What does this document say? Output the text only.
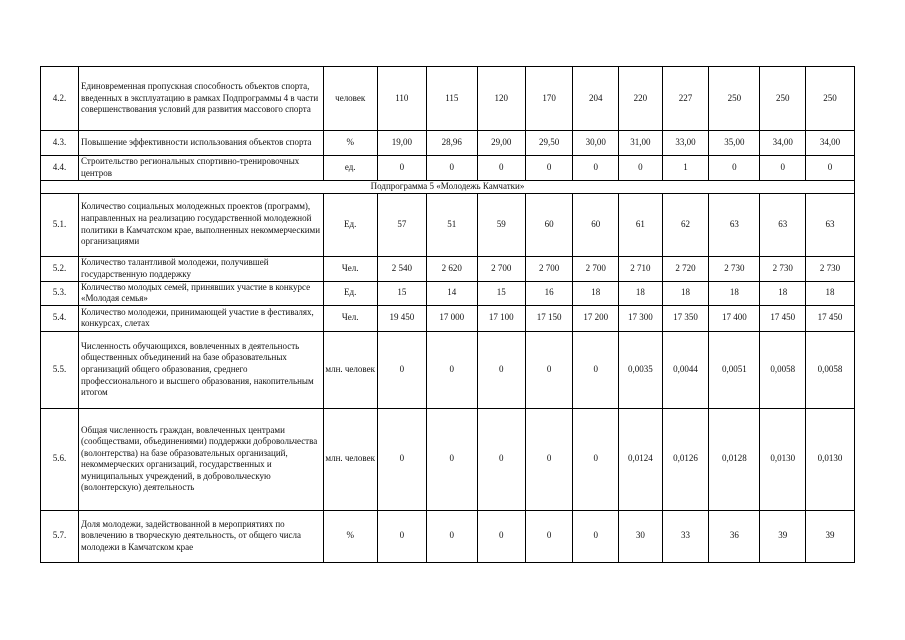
4.2.	Единовременная пропускная способность объектов спорта, введенных в эксплуатацию в рамках Подпрограммы 4 в части совершенствования условий для развития массового спорта	человек	110	115	120	170	204	220	227	250	250	250
4.3.	Повышение эффективности использования объектов спорта	%	19,00	28,96	29,00	29,50	30,00	31,00	33,00	35,00	34,00	34,00
4.4.	Строительство региональных спортивно-тренировочных центров	ед.	0	0	0	0	0	0	1	0	0	0
Подпрограмма 5 «Молодежь Камчатки»												
5.1.	Количество социальных молодежных проектов (программ), направленных на реализацию государственной молодежной политики в Камчатском крае, выполненных некоммерческими организациями	Ед.	57	51	59	60	60	61	62	63	63	63
5.2.	Количество талантливой молодежи, получившей государственную поддержку	Чел.	2 540	2 620	2 700	2 700	2 700	2 710	2 720	2 730	2 730	2 730
5.3.	Количество молодых семей, принявших участие в конкурсе «Молодая семья»	Ед.	15	14	15	16	18	18	18	18	18	18
5.4.	Количество молодежи, принимающей участие в фестивалях, конкурсах, слетах	Чел.	19 450	17 000	17 100	17 150	17 200	17 300	17 350	17 400	17 450	17 450
5.5.	Численность обучающихся, вовлеченных в деятельность общественных объединений на базе образовательных организаций общего образования, среднего профессионального и высшего образования, накопительным итогом	млн. человек	0	0	0	0	0	0,0035	0,0044	0,0051	0,0058	0,0058
5.6.	Общая численность граждан, вовлеченных центрами (сообществами, объединениями) поддержки добровольчества (волонтерства) на базе образовательных организаций, некоммерческих организаций, государственных и муниципальных учреждений, в добровольческую (волонтерскую) деятельность	млн. человек	0	0	0	0	0	0,0124	0,0126	0,0128	0,0130	0,0130
5.7.	Доля молодежи, задействованной в мероприятиях по вовлечению в творческую деятельность, от общего числа молодежи в Камчатском крае	%	0	0	0	0	0	30	33	36	39	39
